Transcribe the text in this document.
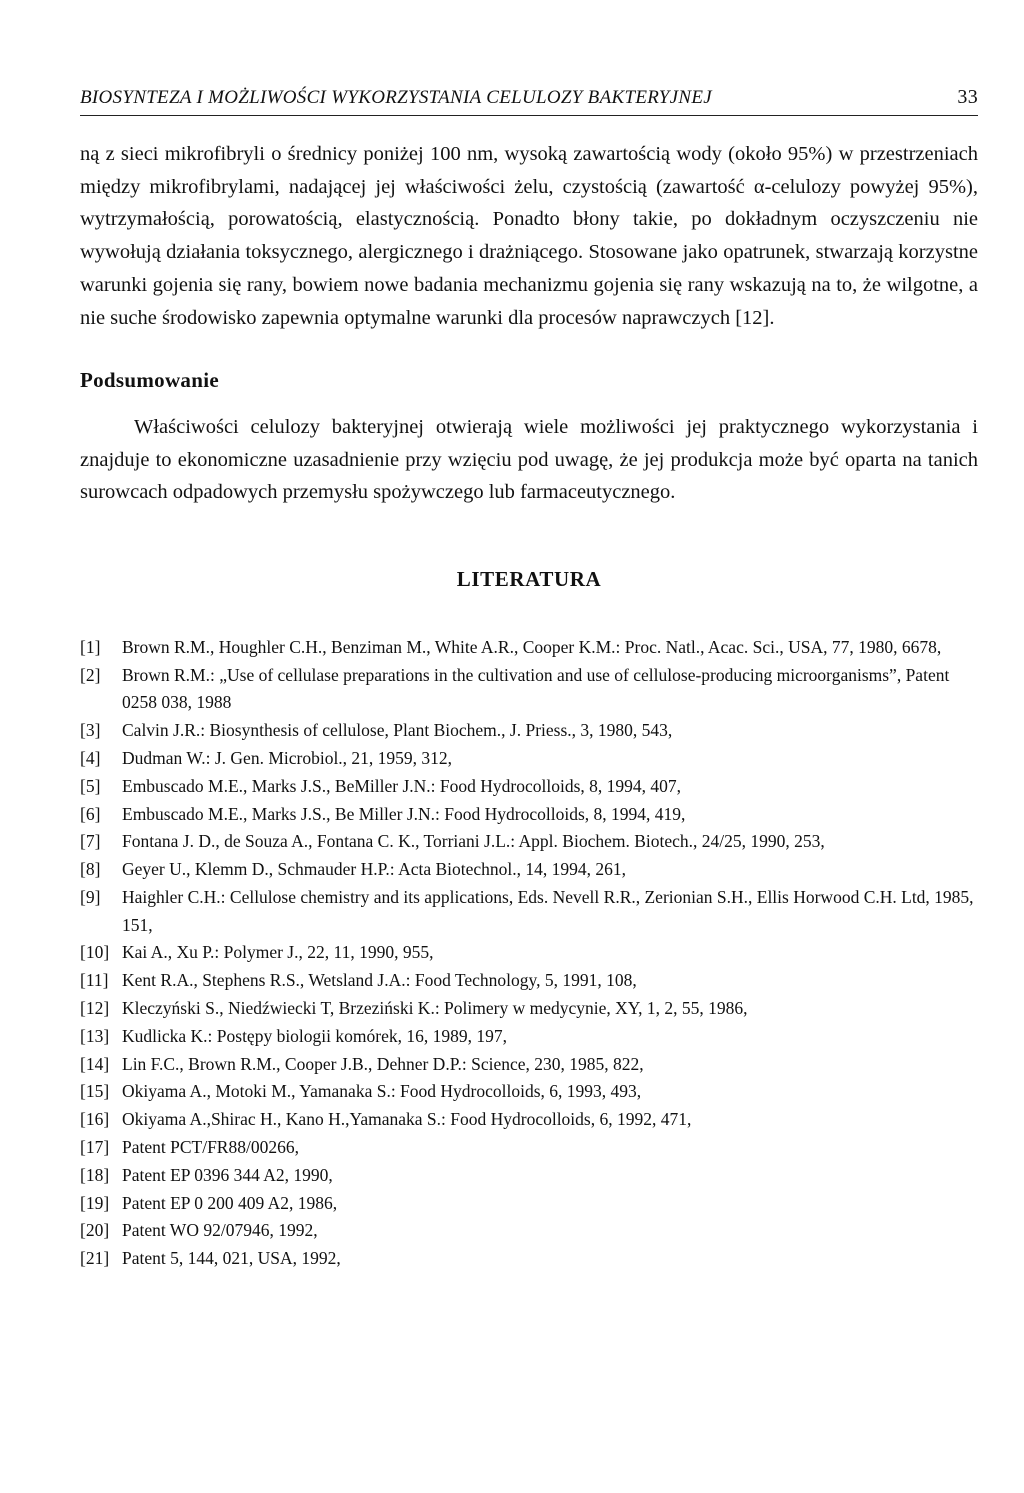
BIOSYNTEZA I MOŻLIWOŚCI WYKORZYSTANIA CELULOZY BAKTERYJNEJ	33

ną z sieci mikrofibryli o średnicy poniżej 100 nm, wysoką zawartością wody (około 95%) w przestrzeniach między mikrofibrylami, nadającej jej właściwości żelu, czystością (zawartość α-celulozy powyżej 95%), wytrzymałością, porowatością, elastycznością. Ponadto błony takie, po dokładnym oczyszczeniu nie wywołują działania toksycznego, alergicznego i drażniącego. Stosowane jako opatrunek, stwarzają korzystne warunki gojenia się rany, bowiem nowe badania mechanizmu gojenia się rany wskazują na to, że wilgotne, a nie suche środowisko zapewnia optymalne warunki dla procesów naprawczych [12].

Podsumowanie

Właściwości celulozy bakteryjnej otwierają wiele możliwości jej praktycznego wykorzystania i znajduje to ekonomiczne uzasadnienie przy wzięciu pod uwagę, że jej produkcja może być oparta na tanich surowcach odpadowych przemysłu spożywczego lub farmaceutycznego.

LITERATURA
[1]	Brown R.M., Houghler C.H., Benziman M., White A.R., Cooper K.M.: Proc. Natl., Acac. Sci., USA, 77, 1980, 6678,
[2]	Brown R.M.: „Use of cellulase preparations in the cultivation and use of cellulose-producing microorganisms”, Patent 0258 038, 1988
[3]	Calvin J.R.: Biosynthesis of cellulose, Plant Biochem., J. Priess., 3, 1980, 543,
[4]	Dudman W.: J. Gen. Microbiol., 21, 1959, 312,
[5]	Embuscado M.E., Marks J.S., BeMiller J.N.: Food Hydrocolloids, 8, 1994, 407,
[6]	Embuscado M.E., Marks J.S., Be Miller J.N.: Food Hydrocolloids, 8, 1994, 419,
[7]	Fontana J. D., de Souza A., Fontana C. K., Torriani J.L.: Appl. Biochem. Biotech., 24/25, 1990, 253,
[8]	Geyer U., Klemm D., Schmauder H.P.: Acta Biotechnol., 14, 1994, 261,
[9]	Haighler C.H.: Cellulose chemistry and its applications, Eds. Nevell R.R., Zerionian S.H., Ellis Horwood C.H. Ltd, 1985, 151,
[10] Kai A., Xu P.: Polymer J., 22, 11, 1990, 955,
[11] Kent R.A., Stephens R.S., Wetsland J.A.: Food Technology, 5, 1991, 108,
[12] Kleczyński S., Niedźwiecki T, Brzeziński K.: Polimery w medycynie, XY, 1, 2, 55, 1986,
[13] Kudlicka K.: Postępy biologii komórek, 16, 1989, 197,
[14] Lin F.C., Brown R.M., Cooper J.B., Dehner D.P.: Science, 230, 1985, 822,
[15] Okiyama A., Motoki M., Yamanaka S.: Food Hydrocolloids, 6, 1993, 493,
[16] Okiyama A.,Shirac H., Kano H.,Yamanaka S.: Food Hydrocolloids, 6, 1992, 471,
[17] Patent PCT/FR88/00266,
[18] Patent EP 0396 344 A2, 1990,
[19] Patent EP 0 200 409 A2, 1986,
[20] Patent WO 92/07946, 1992,
[21] Patent 5, 144, 021, USA, 1992,
